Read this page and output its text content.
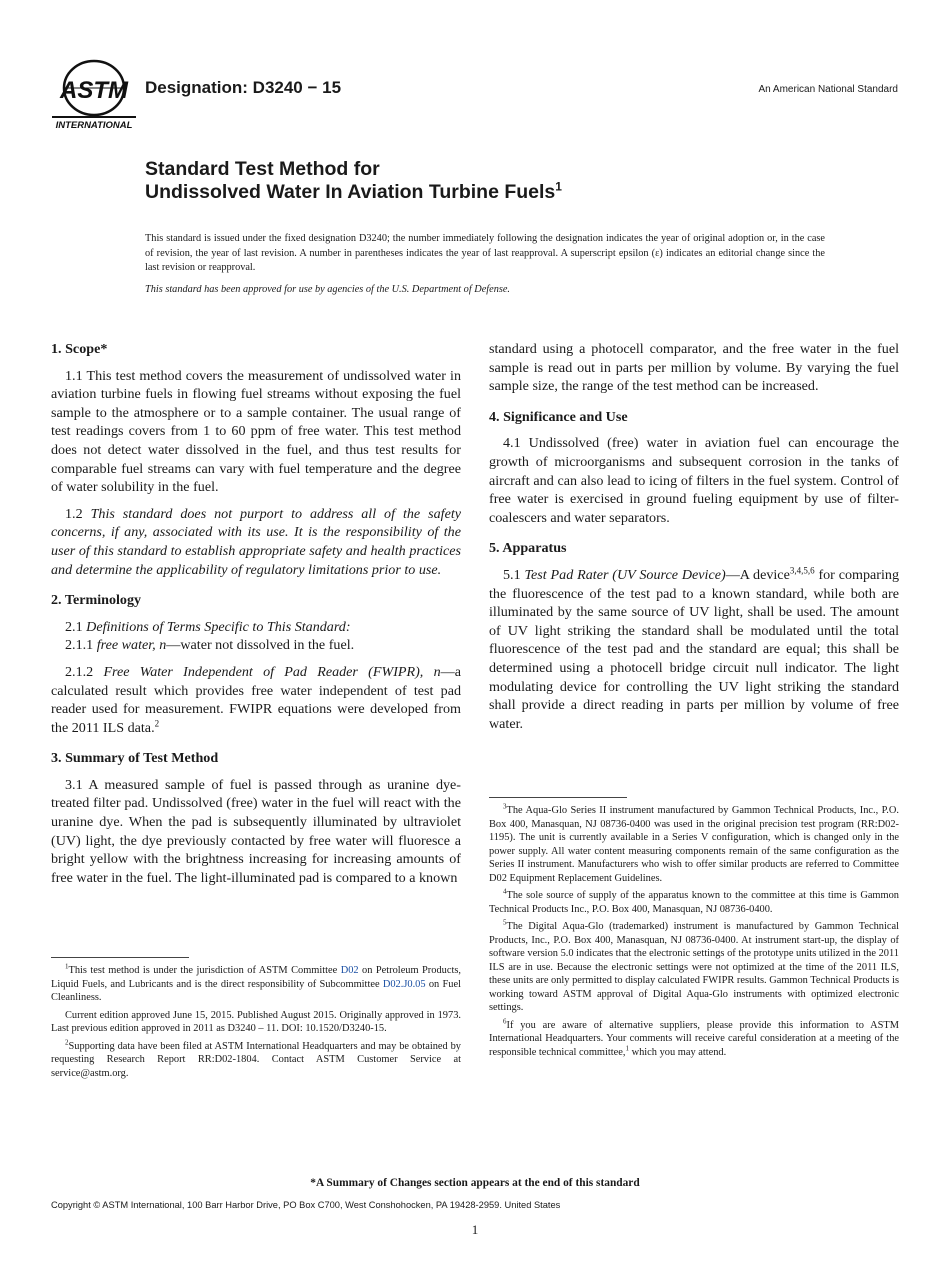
ASTM
INTERNATIONAL
Designation: D3240 − 15	An American National Standard
Standard Test Method for
Undissolved Water In Aviation Turbine Fuels$^1$
This standard is issued under the fixed designation D3240; the number immediately following the designation indicates the year of original adoption or, in the case of revision, the year of last revision. A number in parentheses indicates the year of last reapproval. A superscript epsilon (ε) indicates an editorial change since the last revision or reapproval.
This standard has been approved for use by agencies of the U.S. Department of Defense.
1. Scope*

1.1 This test method covers the measurement of undissolved water in aviation turbine fuels in flowing fuel streams without exposing the fuel sample to the atmosphere or to a sample container. The usual range of test readings covers from 1 to 60 ppm of free water. This test method does not detect water dissolved in the fuel, and thus test results for comparable fuel streams can vary with fuel temperature and the degree of water solubility in the fuel.

1.2 This standard does not purport to address all of the safety concerns, if any, associated with its use. It is the responsibility of the user of this standard to establish appropriate safety and health practices and determine the applicability of regulatory limitations prior to use.

2. Terminology

2.1 Definitions of Terms Specific to This Standard:

2.1.1 free water, n—water not dissolved in the fuel.

2.1.2 Free Water Independent of Pad Reader (FWIPR), n—a calculated result which provides free water independent of test pad reader used for measurement. FWIPR equations were developed from the 2011 ILS data.$^2$

3. Summary of Test Method

3.1 A measured sample of fuel is passed through as uranine dye-treated filter pad. Undissolved (free) water in the fuel will react with the uranine dye. When the pad is subsequently illuminated by ultraviolet (UV) light, the dye previously contacted by free water will fluoresce a bright yellow with the brightness increasing for increasing amounts of free water in the fuel. The light-illuminated pad is compared to a known

$^1$This test method is under the jurisdiction of ASTM Committee D02 on Petroleum Products, Liquid Fuels, and Lubricants and is the direct responsibility of Subcommittee D02.J0.05 on Fuel Cleanliness.

Current edition approved June 15, 2015. Published August 2015. Originally approved in 1973. Last previous edition approved in 2011 as D3240 – 11. DOI: 10.1520/D3240-15.

$^2$Supporting data have been filed at ASTM International Headquarters and may be obtained by requesting Research Report RR:D02-1804. Contact ASTM Customer Service at service@astm.org.

standard using a photocell comparator, and the free water in the fuel sample is read out in parts per million by volume. By varying the fuel sample size, the range of the test method can be increased.

4. Significance and Use

4.1 Undissolved (free) water in aviation fuel can encourage the growth of microorganisms and subsequent corrosion in the tanks of aircraft and can also lead to icing of filters in the fuel system. Control of free water is exercised in ground fueling equipment by use of filter-coalescers and water separators.

5. Apparatus

5.1 Test Pad Rater (UV Source Device)—A device$^{3,4,5,6}$ for comparing the fluorescence of the test pad to a known standard, while both are illuminated by the same source of UV light, shall be used. The amount of UV light striking the standard shall be modulated until the total fluorescence of the test pad and the standard are equal; this shall be determined using a photocell bridge circuit null indicator. The light modulating device for controlling the UV light striking the standard shall provide a direct reading in parts per million by volume of free water.

$^3$The Aqua-Glo Series II instrument manufactured by Gammon Technical Products, Inc., P.O. Box 400, Manasquan, NJ 08736-0400 was used in the original precision test program (RR:D02-1195). The unit is currently available in a Series V configuration, which is changed only in the power supply. All water content measuring components remain of the same configuration as the Series II instrument. Manufacturers who wish to offer similar products are referred to Committee D02 Equipment Replacement Guidelines.

$^4$The sole source of supply of the apparatus known to the committee at this time is Gammon Technical Products Inc., P.O. Box 400, Manasquan, NJ 08736-0400.

$^5$The Digital Aqua-Glo (trademarked) instrument is manufactured by Gammon Technical Products, Inc., P.O. Box 400, Manasquan, NJ 08736-0400. At instrument start-up, the display of software version 5.0 indicates that the electronic settings of the prototype units utilized in the 2011 ILS are in use. Because the electronic settings were not optimized at the time of the 2011 ILS, these units are only permitted to display calculated FWIPR results. Gammon Technical Products is working toward ASTM approval of Digital Aqua-Glo instruments with optimized electronic settings.

$^6$If you are aware of alternative suppliers, please provide this information to ASTM International Headquarters. Your comments will receive careful consideration at a meeting of the responsible technical committee,$^1$ which you may attend.

*A Summary of Changes section appears at the end of this standard
Copyright © ASTM International, 100 Barr Harbor Drive, PO Box C700, West Conshohocken, PA 19428-2959. United States
1
